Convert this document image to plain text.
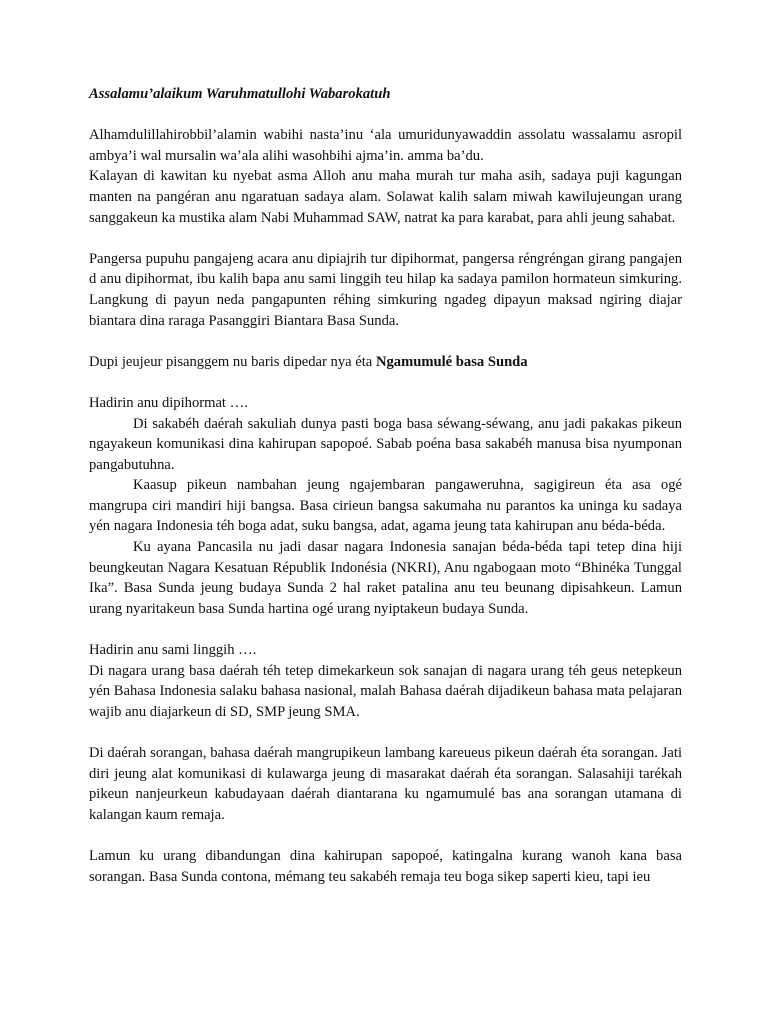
Assalamu’alaikum Waruhmatullohi Wabarokatuh

Alhamdulillahirobbil’alamin wabihi nasta’inu ‘ala umuridunyawaddin assolatu wassalamu asropil ambya’i wal mursalin wa’ala alihi wasohbihi ajma’in. amma ba’du.

Kalayan di kawitan ku nyebat asma Alloh anu maha murah tur maha asih, sadaya puji kagungan manten na pangéran anu ngaratuan sadaya alam. Solawat kalih salam miwah kawilujeungan urang sanggakeun ka mustika alam Nabi Muhammad SAW, natrat ka para karabat, para ahli jeung sahabat.

Pangersa pupuhu pangajeng acara anu dipiajrih tur dipihormat, pangersa réngréngan girang pangajen d anu dipihormat, ibu kalih bapa anu sami linggih teu hilap ka sadaya pamilon hormateun simkuring. Langkung di payun neda pangapunten réhing simkuring ngadeg dipayun maksad ngiring diajar biantara dina raraga Pasanggiri Biantara Basa Sunda.

Dupi jeujeur pisanggem nu baris dipedar nya éta Ngamumulé basa Sunda

Hadirin anu dipihormat ….

Di sakabéh daérah sakuliah dunya pasti boga basa séwang-séwang, anu jadi pakakas pikeun ngayakeun komunikasi dina kahirupan sapopoé. Sabab poéna basa sakabéh manusa bisa nyumponan pangabutuhna.

Kaasup pikeun nambahan jeung ngajembaran pangaweruhna, sagigireun éta asa ogé mangrupa ciri mandiri hiji bangsa. Basa cirieun bangsa sakumaha nu parantos ka uninga ku sadaya yén nagara Indonesia téh boga adat, suku bangsa, adat, agama jeung tata kahirupan anu béda-béda.

Ku ayana Pancasila nu jadi dasar nagara Indonesia sanajan béda-béda tapi tetep dina hiji beungkeutan Nagara Kesatuan Républik Indonésia (NKRI), Anu ngabogaan moto “Bhinéka Tunggal Ika”. Basa Sunda jeung budaya Sunda 2 hal raket patalina anu teu beunang dipisahkeun. Lamun urang nyaritakeun basa Sunda hartina ogé urang nyiptakeun budaya Sunda.

Hadirin anu sami linggih ….

Di nagara urang basa daérah téh tetep dimekarkeun sok sanajan di nagara urang téh geus netepkeun yén Bahasa Indonesia salaku bahasa nasional, malah Bahasa daérah dijadikeun bahasa mata pelajaran wajib anu diajarkeun di SD, SMP jeung SMA.

Di daérah sorangan, bahasa daérah mangrupikeun lambang kareueus pikeun daérah éta sorangan. Jati diri jeung alat komunikasi di kulawarga jeung di masarakat daérah éta sorangan. Salasahiji tarékah pikeun nanjeurkeun kabudayaan daérah diantarana ku ngamumulé bas ana sorangan utamana di kalangan kaum remaja.

Lamun ku urang dibandungan dina kahirupan sapopoé, katingalna kurang wanoh kana basa sorangan. Basa Sunda contona, mémang teu sakabéh remaja teu boga sikep saperti kieu, tapi ieu
